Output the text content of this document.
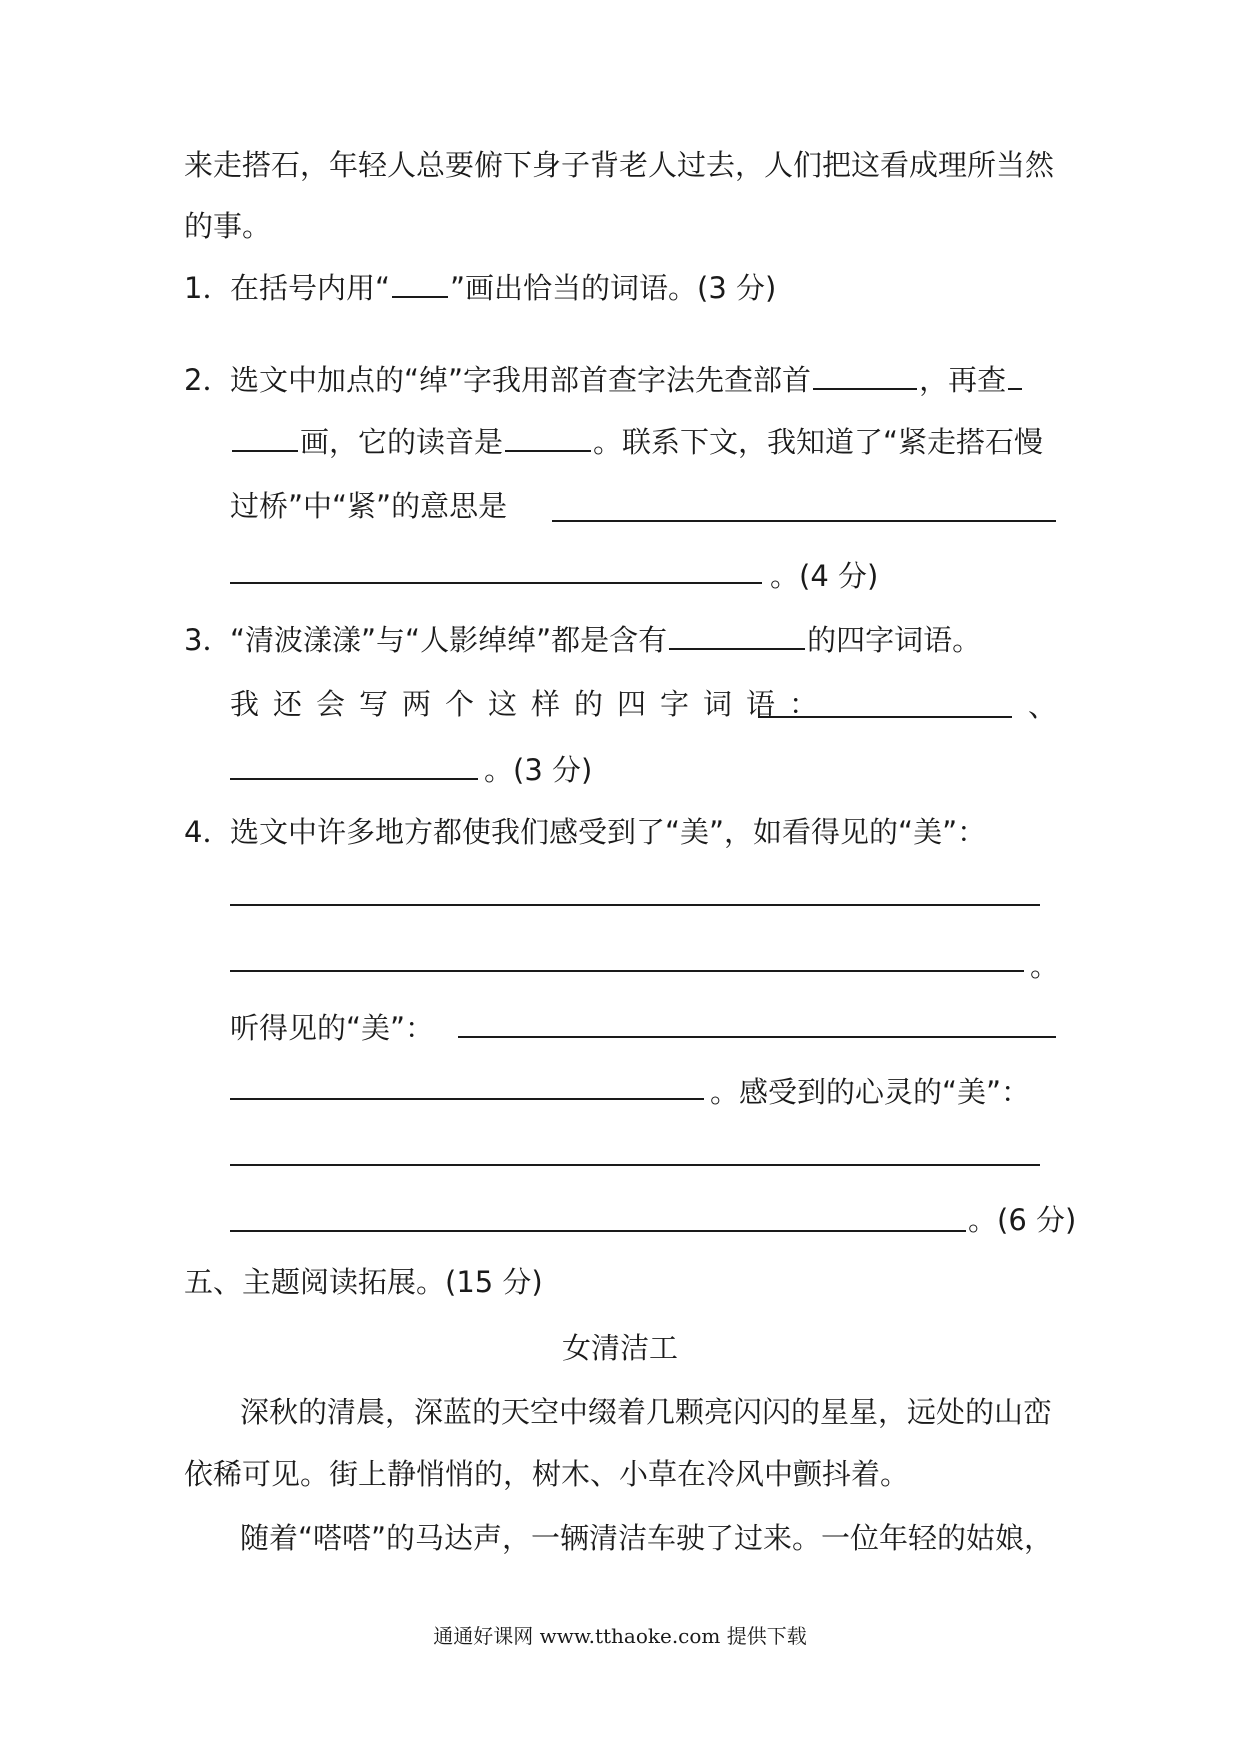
来走搭石，年轻人总要俯下身子背老人过去，人们把这看成理所当然
的事。
1．在括号内用“ ”画出恰当的词语。(3 分)
2．选文中加点的“绰”字我用部首查字法先查部首	，再查
画，它的读音是	。联系下文，我知道了“紧走搭石慢
过桥”中“紧”的意思是
。(4 分)
3．“清波漾漾”与“人影绰绰”都是含有	的四字词语。
我还会写两个这样的四字词语：	、
。(3 分)
4．选文中许多地方都使我们感受到了“美”，如看得见的“美”：
。
听得见的“美”：
。感受到的心灵的“美”：
。(6 分)
五、主题阅读拓展。(15 分)
女清洁工
深秋的清晨，深蓝的天空中缀着几颗亮闪闪的星星，远处的山峦
依稀可见。街上静悄悄的，树木、小草在冷风中颤抖着。
随着“嗒嗒”的马达声，一辆清洁车驶了过来。一位年轻的姑娘，
通通好课网 www.tthaoke.com 提供下载
